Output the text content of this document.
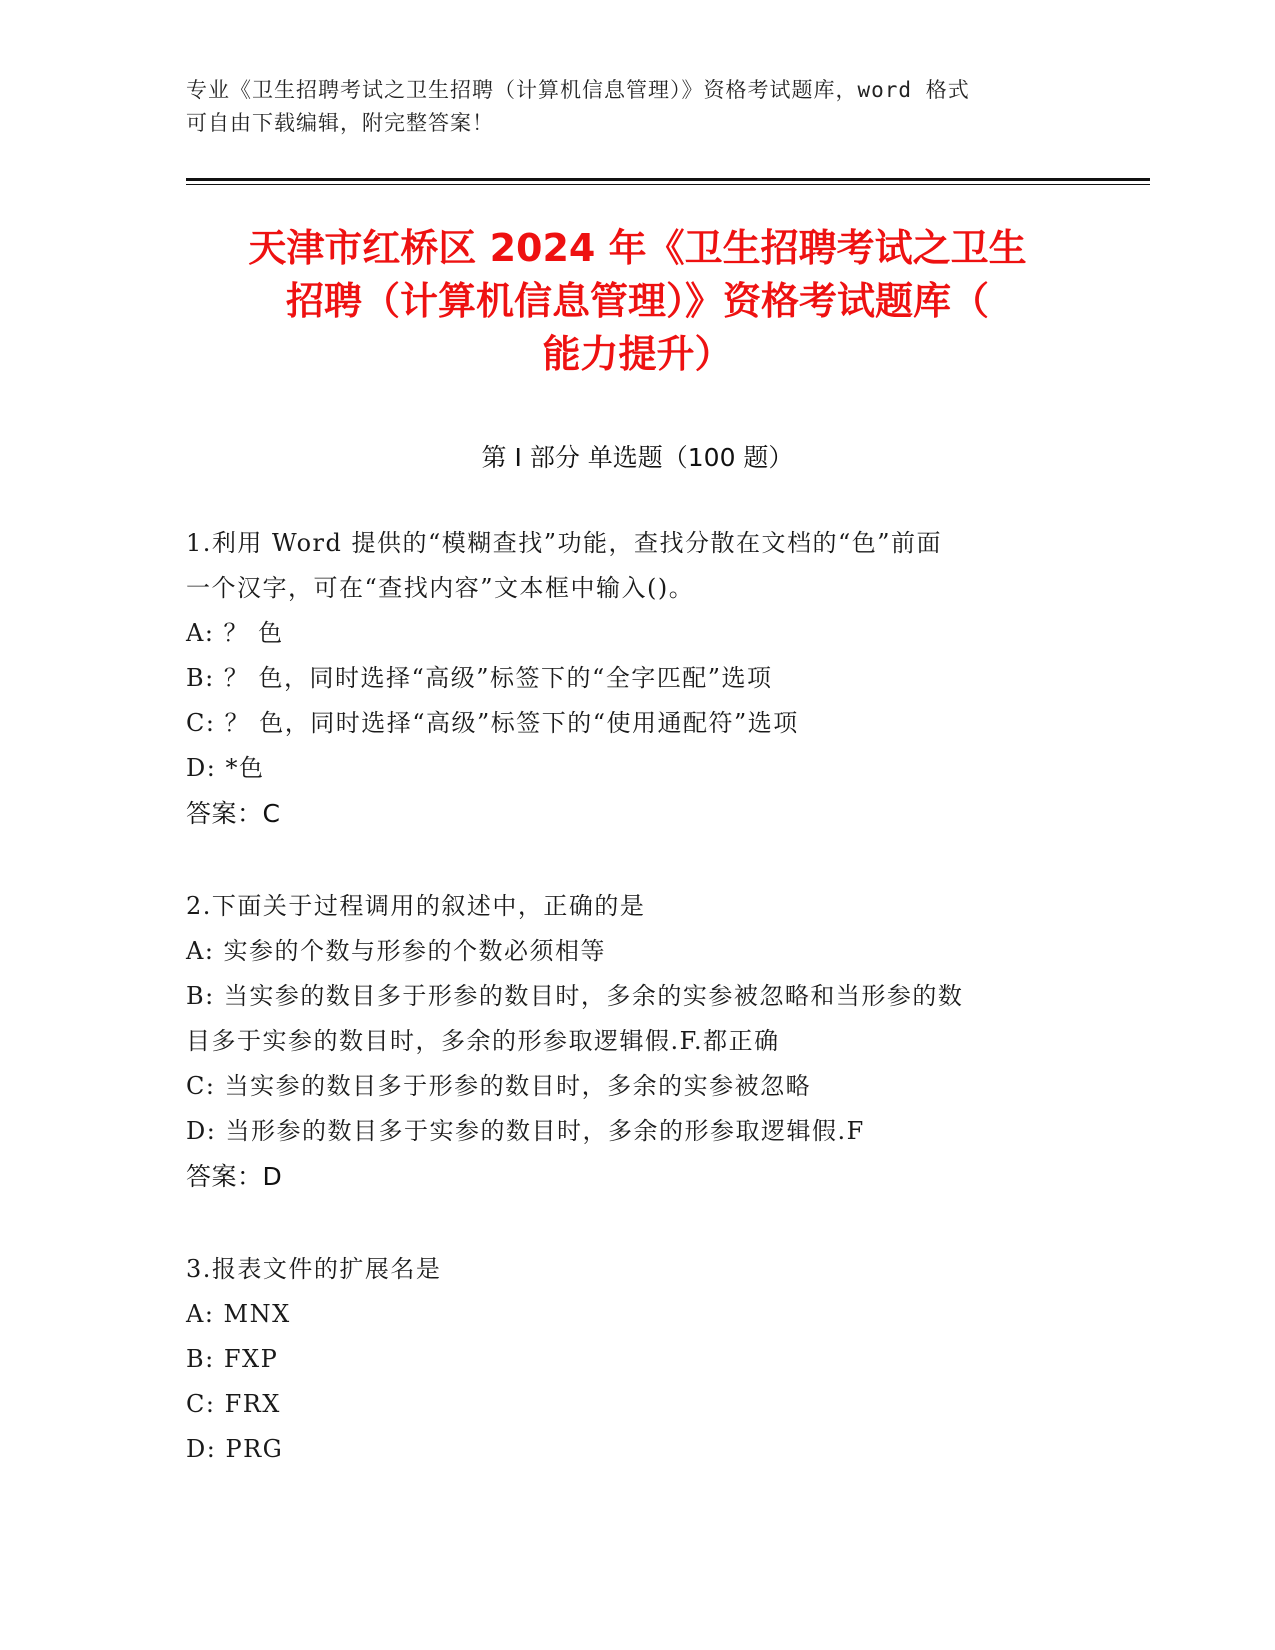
专业《卫生招聘考试之卫生招聘（计算机信息管理）》资格考试题库，word 格式
可自由下载编辑，附完整答案！
天津市红桥区 2024 年《卫生招聘考试之卫生
招聘（计算机信息管理）》资格考试题库（
能力提升）
第 I 部分 单选题（100 题）
1.利用 Word 提供的“模糊查找”功能，查找分散在文档的“色”前面
一个汉字，可在“查找内容”文本框中输入()。
A: ？ 色
B: ？ 色，同时选择“高级”标签下的“全字匹配”选项
C: ？ 色，同时选择“高级”标签下的“使用通配符”选项
D: *色
答案：C
2.下面关于过程调用的叙述中，正确的是
A: 实参的个数与形参的个数必须相等
B: 当实参的数目多于形参的数目时，多余的实参被忽略和当形参的数
目多于实参的数目时，多余的形参取逻辑假.F.都正确
C: 当实参的数目多于形参的数目时，多余的实参被忽略
D: 当形参的数目多于实参的数目时，多余的形参取逻辑假.F
答案：D
3.报表文件的扩展名是
A: MNX
B: FXP
C: FRX
D: PRG
